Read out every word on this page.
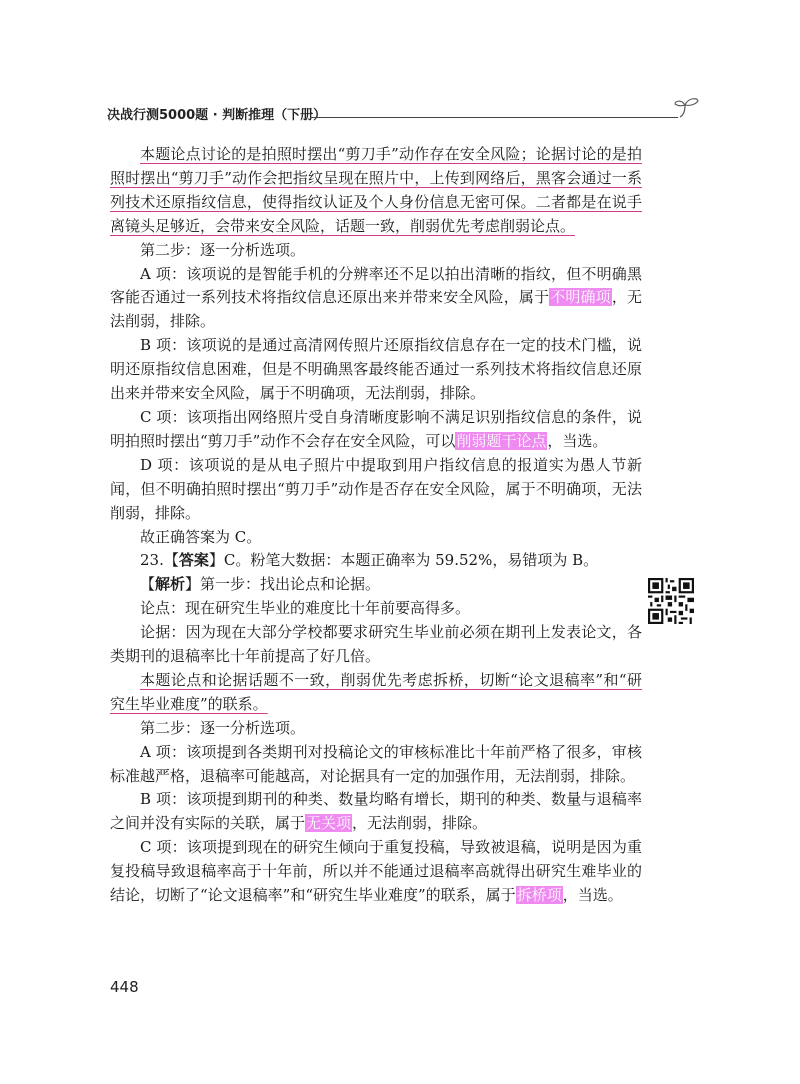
决战行测5000题 · 判断推理（下册）

本题论点讨论的是拍照时摆出“剪刀手”动作存在安全风险；论据讨论的是拍照时摆出“剪刀手”动作会把指纹呈现在照片中，上传到网络后，黑客会通过一系列技术还原指纹信息，使得指纹认证及个人身份信息无密可保。二者都是在说手离镜头足够近，会带来安全风险，话题一致，削弱优先考虑削弱论点。

第二步：逐一分析选项。

A 项：该项说的是智能手机的分辨率还不足以拍出清晰的指纹，但不明确黑客能否通过一系列技术将指纹信息还原出来并带来安全风险，属于不明确项，无法削弱，排除。

B 项：该项说的是通过高清网传照片还原指纹信息存在一定的技术门槛，说明还原指纹信息困难，但是不明确黑客最终能否通过一系列技术将指纹信息还原出来并带来安全风险，属于不明确项，无法削弱，排除。

C 项：该项指出网络照片受自身清晰度影响不满足识别指纹信息的条件，说明拍照时摆出“剪刀手”动作不会存在安全风险，可以削弱题干论点，当选。

D 项：该项说的是从电子照片中提取到用户指纹信息的报道实为愚人节新闻，但不明确拍照时摆出“剪刀手”动作是否存在安全风险，属于不明确项，无法削弱，排除。

故正确答案为 C。

23.【答案】C。粉笔大数据：本题正确率为 59.52%，易错项为 B。

【解析】第一步：找出论点和论据。

论点：现在研究生毕业的难度比十年前要高得多。

论据：因为现在大部分学校都要求研究生毕业前必须在期刊上发表论文，各类期刊的退稿率比十年前提高了好几倍。

本题论点和论据话题不一致，削弱优先考虑拆桥，切断“论文退稿率”和“研究生毕业难度”的联系。

第二步：逐一分析选项。

A 项：该项提到各类期刊对投稿论文的审核标准比十年前严格了很多，审核标准越严格，退稿率可能越高，对论据具有一定的加强作用，无法削弱，排除。

B 项：该项提到期刊的种类、数量均略有增长，期刊的种类、数量与退稿率之间并没有实际的关联，属于无关项，无法削弱，排除。

C 项：该项提到现在的研究生倾向于重复投稿，导致被退稿，说明是因为重复投稿导致退稿率高于十年前，所以并不能通过退稿率高就得出研究生难毕业的结论，切断了“论文退稿率”和“研究生毕业难度”的联系，属于拆桥项，当选。

448
